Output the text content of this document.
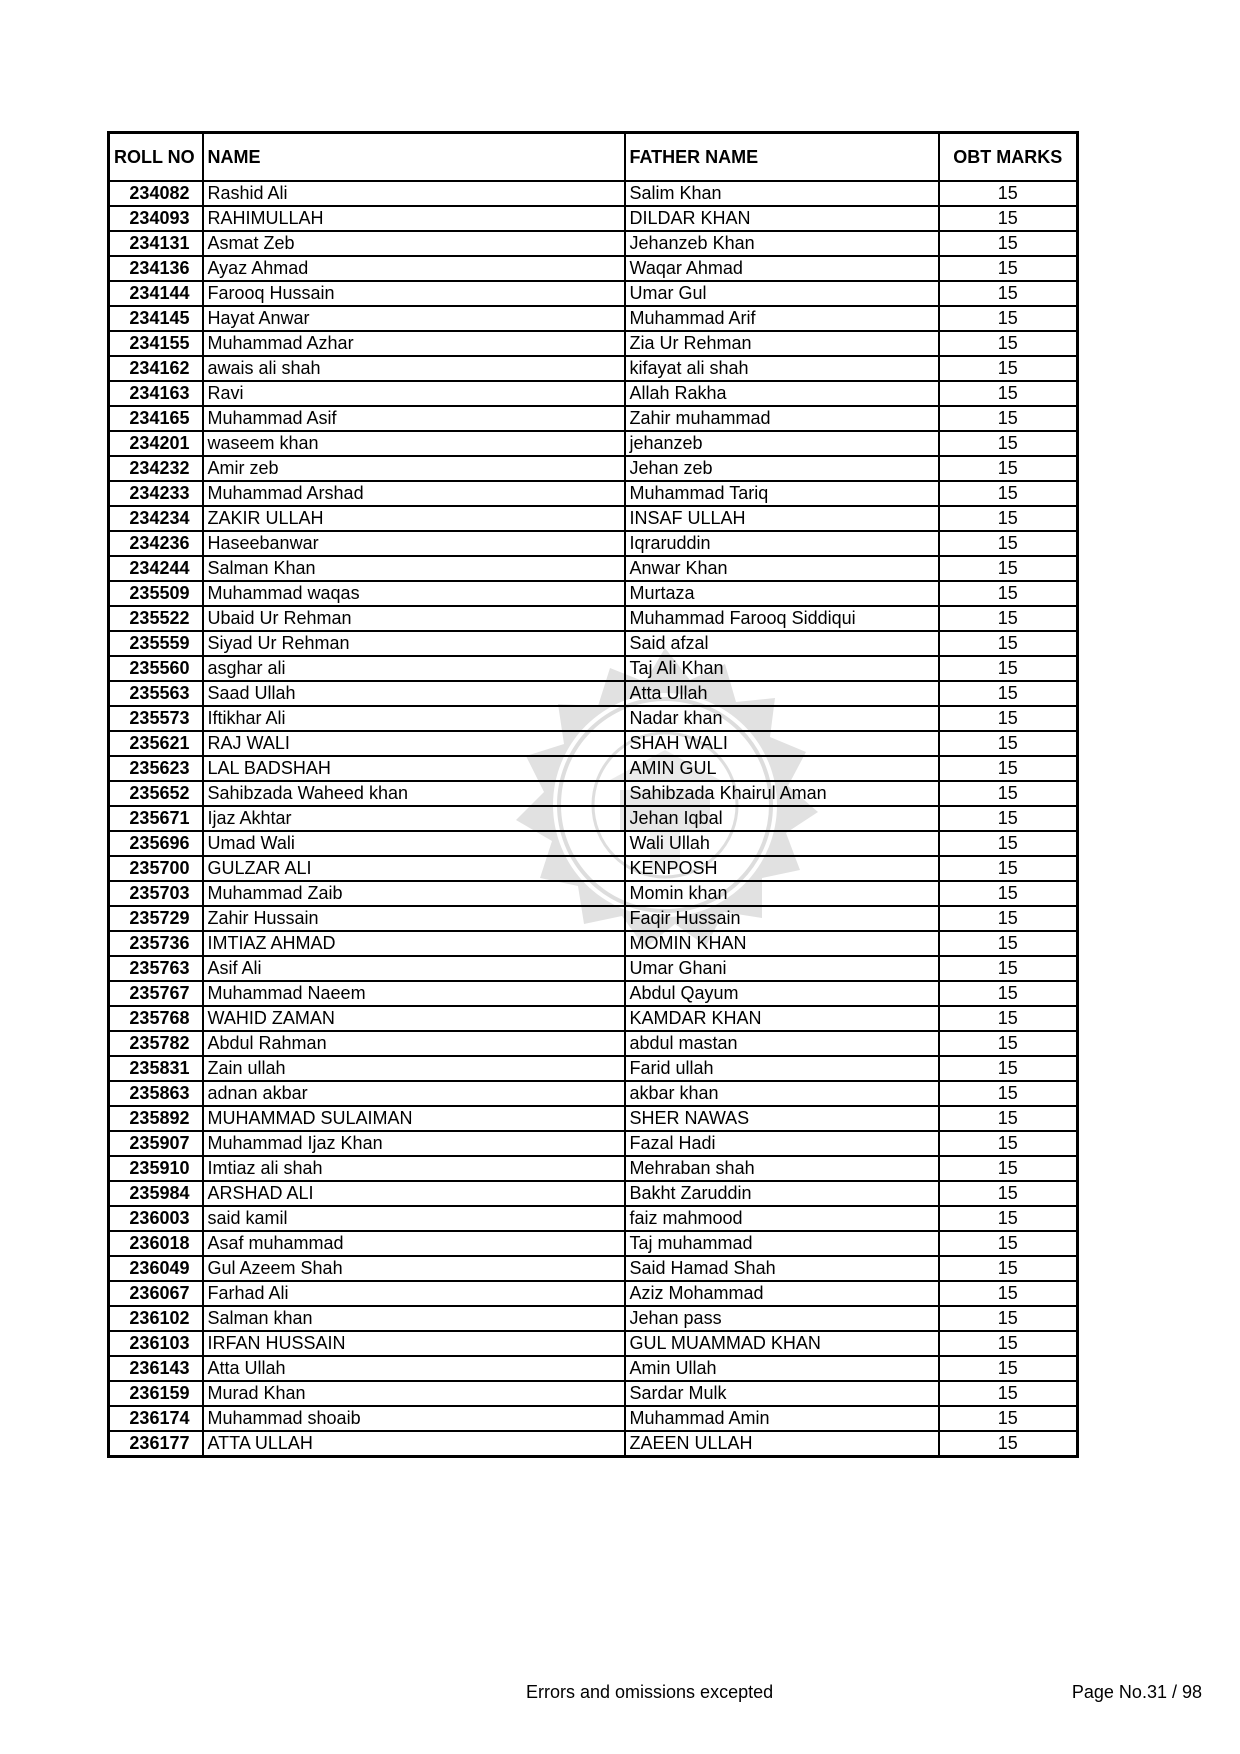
ROLL NO	NAME	FATHER NAME	OBT MARKS
234082	Rashid Ali	Salim Khan	15
234093	RAHIMULLAH	DILDAR KHAN	15
234131	Asmat Zeb	Jehanzeb Khan	15
234136	Ayaz Ahmad	Waqar Ahmad	15
234144	Farooq Hussain	Umar Gul	15
234145	Hayat Anwar	Muhammad Arif	15
234155	Muhammad Azhar	Zia Ur Rehman	15
234162	awais ali shah	kifayat ali shah	15
234163	Ravi	Allah Rakha	15
234165	Muhammad Asif	Zahir muhammad	15
234201	waseem khan	jehanzeb	15
234232	Amir zeb	Jehan zeb	15
234233	Muhammad Arshad	Muhammad Tariq	15
234234	ZAKIR ULLAH	INSAF ULLAH	15
234236	Haseebanwar	Iqraruddin	15
234244	Salman Khan	Anwar Khan	15
235509	Muhammad waqas	Murtaza	15
235522	Ubaid Ur Rehman	Muhammad Farooq Siddiqui	15
235559	Siyad Ur Rehman	Said afzal	15
235560	asghar ali	Taj Ali Khan	15
235563	Saad Ullah	Atta Ullah	15
235573	Iftikhar Ali	Nadar khan	15
235621	RAJ WALI	SHAH WALI	15
235623	LAL BADSHAH	AMIN GUL	15
235652	Sahibzada Waheed khan	Sahibzada Khairul Aman	15
235671	Ijaz Akhtar	Jehan Iqbal	15
235696	Umad Wali	Wali Ullah	15
235700	GULZAR ALI	KENPOSH	15
235703	Muhammad Zaib	Momin khan	15
235729	Zahir Hussain	Faqir Hussain	15
235736	IMTIAZ AHMAD	MOMIN KHAN	15
235763	Asif Ali	Umar Ghani	15
235767	Muhammad Naeem	Abdul Qayum	15
235768	WAHID ZAMAN	KAMDAR KHAN	15
235782	Abdul Rahman	abdul mastan	15
235831	Zain ullah	Farid ullah	15
235863	adnan akbar	akbar khan	15
235892	MUHAMMAD SULAIMAN	SHER NAWAS	15
235907	Muhammad Ijaz Khan	Fazal Hadi	15
235910	Imtiaz ali shah	Mehraban shah	15
235984	ARSHAD ALI	Bakht Zaruddin	15
236003	said kamil	faiz mahmood	15
236018	Asaf muhammad	Taj muhammad	15
236049	Gul Azeem Shah	Said Hamad Shah	15
236067	Farhad Ali	Aziz Mohammad	15
236102	Salman khan	Jehan pass	15
236103	IRFAN HUSSAIN	GUL MUAMMAD KHAN	15
236143	Atta Ullah	Amin Ullah	15
236159	Murad Khan	Sardar Mulk	15
236174	Muhammad shoaib	Muhammad Amin	15
236177	ATTA ULLAH	ZAEEN ULLAH	15
Errors and omissions excepted	Page No.31 / 98
